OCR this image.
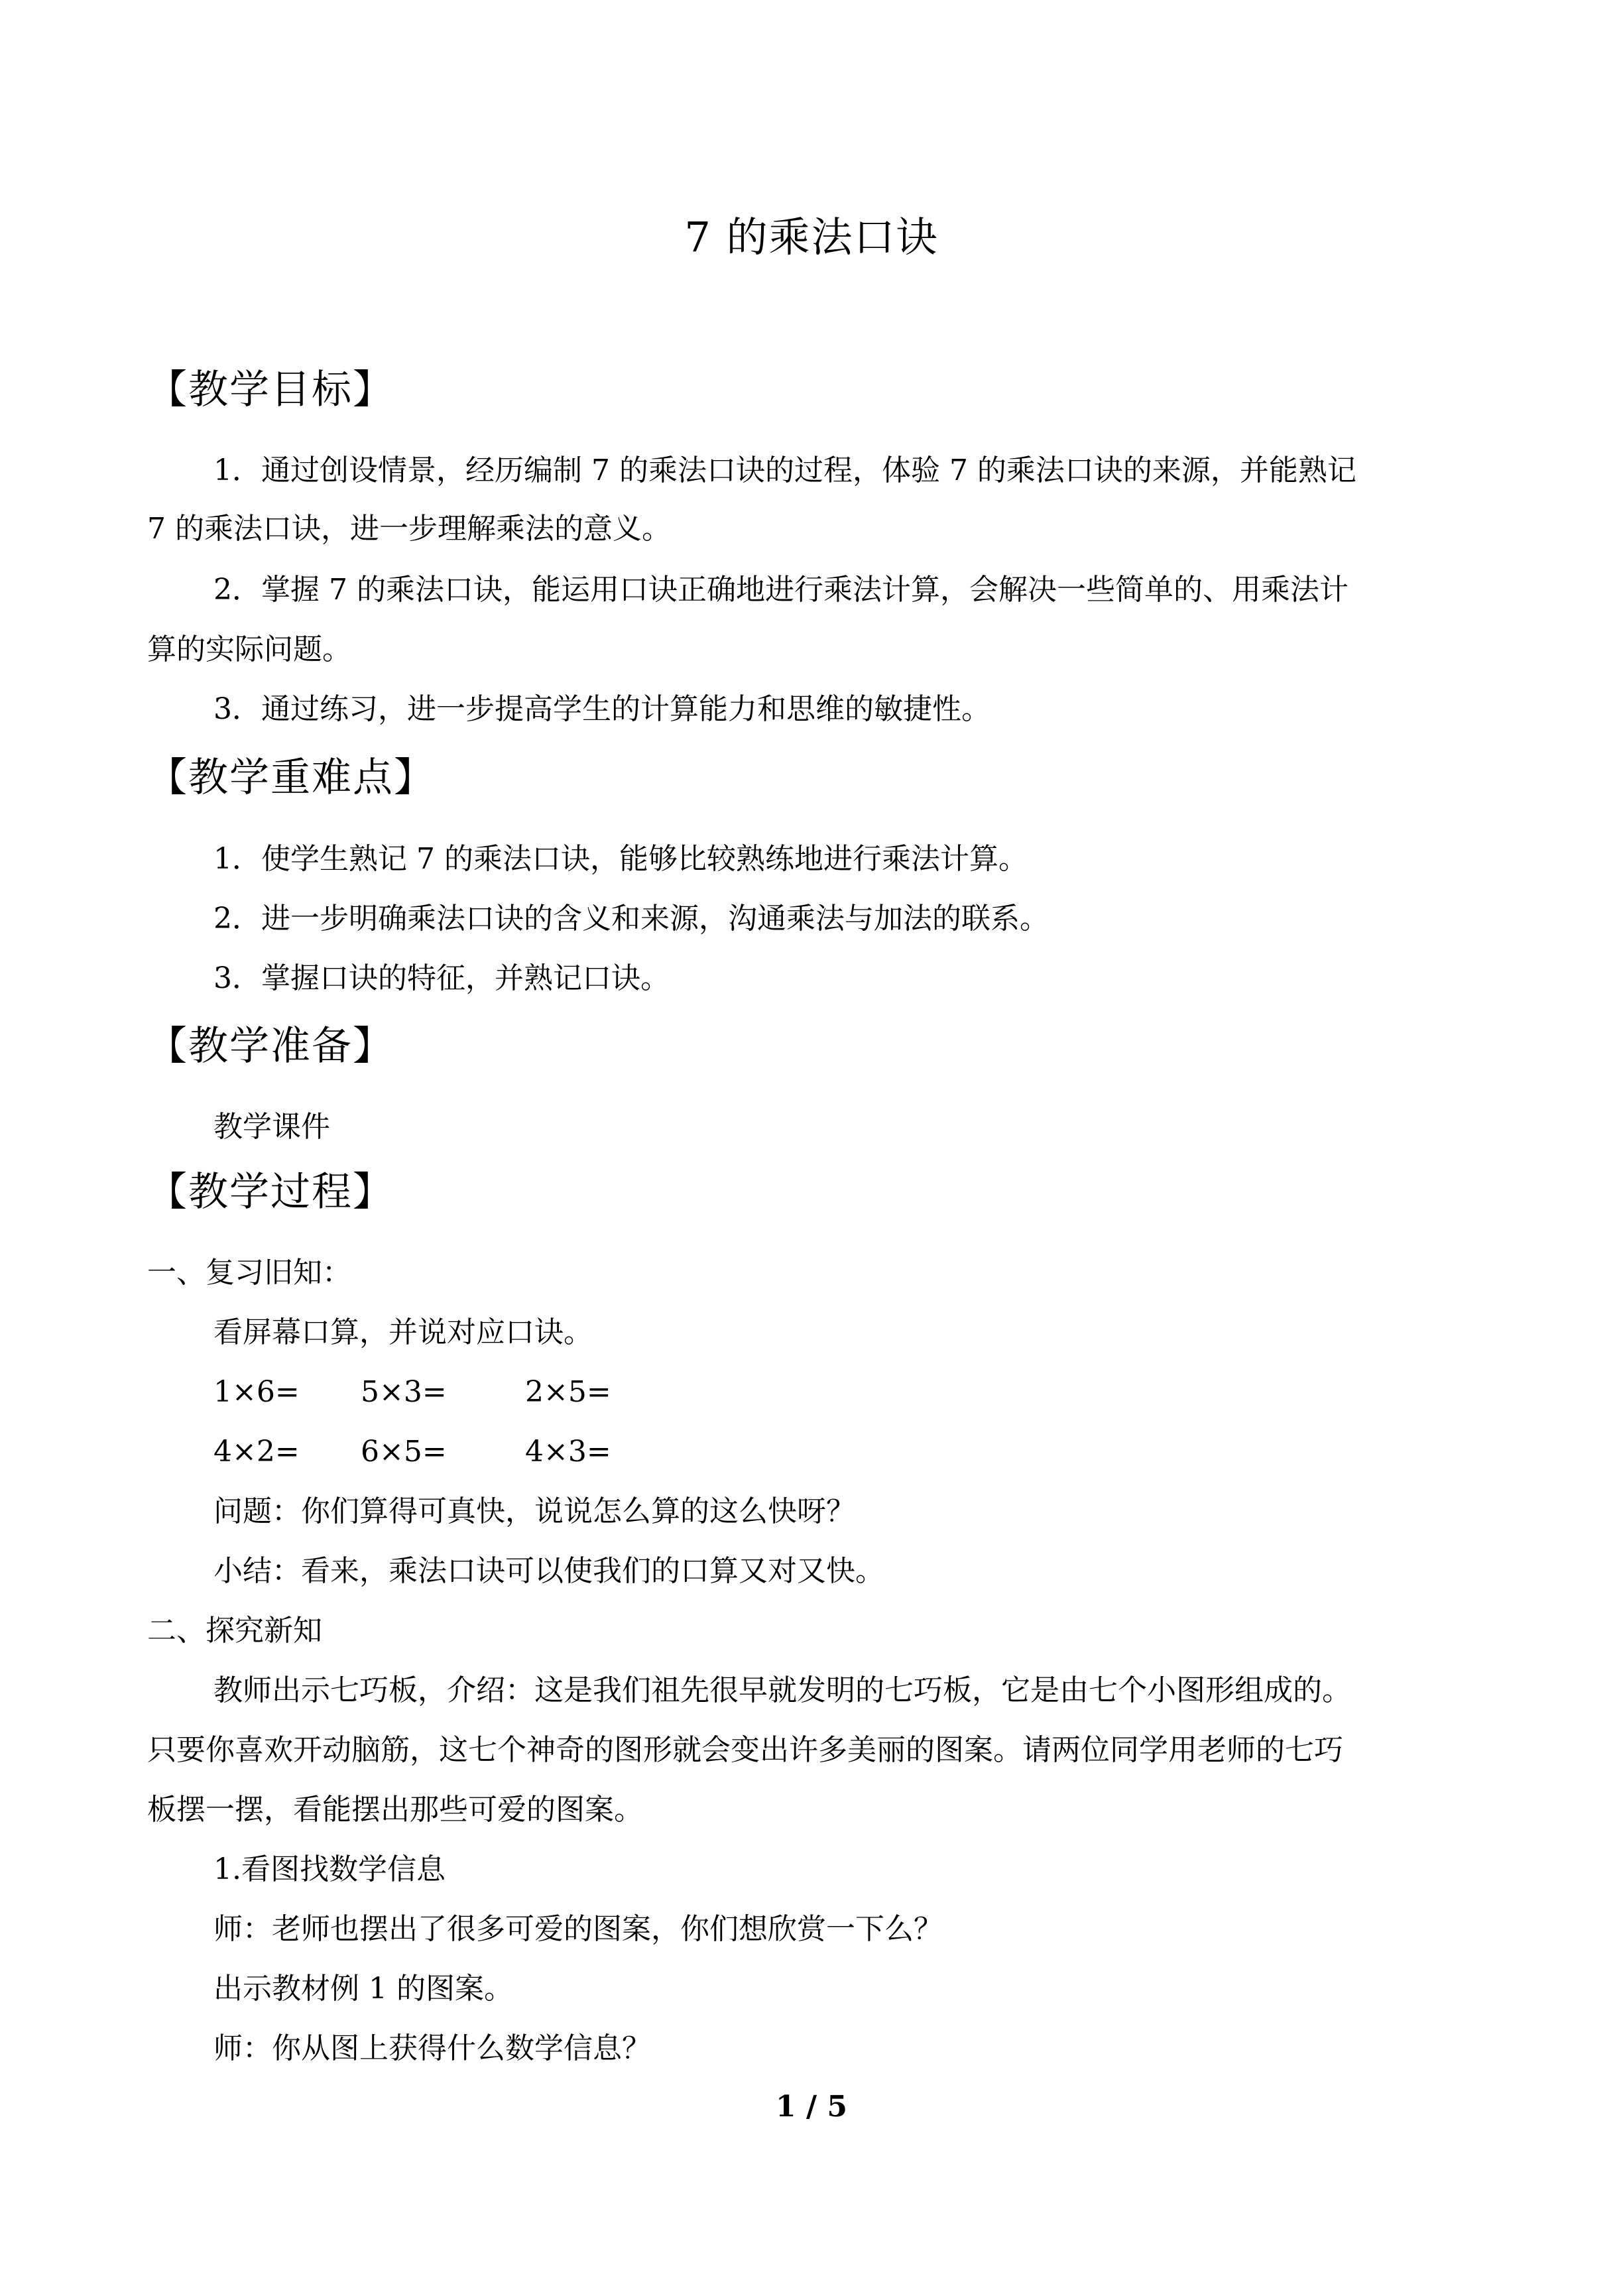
7 的乘法口诀
【教学目标】
1．通过创设情景，经历编制 7 的乘法口诀的过程，体验 7 的乘法口诀的来源，并能熟记
7 的乘法口诀，进一步理解乘法的意义。
2．掌握 7 的乘法口诀，能运用口诀正确地进行乘法计算，会解决一些简单的、用乘法计
算的实际问题。
3．通过练习，进一步提高学生的计算能力和思维的敏捷性。
【教学重难点】
1．使学生熟记 7 的乘法口诀，能够比较熟练地进行乘法计算。
2．进一步明确乘法口诀的含义和来源，沟通乘法与加法的联系。
3．掌握口诀的特征，并熟记口诀。
【教学准备】
教学课件
【教学过程】
一、复习旧知：
看屏幕口算，并说对应口诀。
1×6= 5×3=	2×5=
4×2= 6×5=	4×3=
问题：你们算得可真快，说说怎么算的这么快呀？
小结：看来，乘法口诀可以使我们的口算又对又快。
二、探究新知
教师出示七巧板，介绍：这是我们祖先很早就发明的七巧板，它是由七个小图形组成的。
只要你喜欢开动脑筋，这七个神奇的图形就会变出许多美丽的图案。请两位同学用老师的七巧
板摆一摆，看能摆出那些可爱的图案。
1.看图找数学信息
师：老师也摆出了很多可爱的图案，你们想欣赏一下么？
出示教材例 1 的图案。
师：你从图上获得什么数学信息？
1 / 5
